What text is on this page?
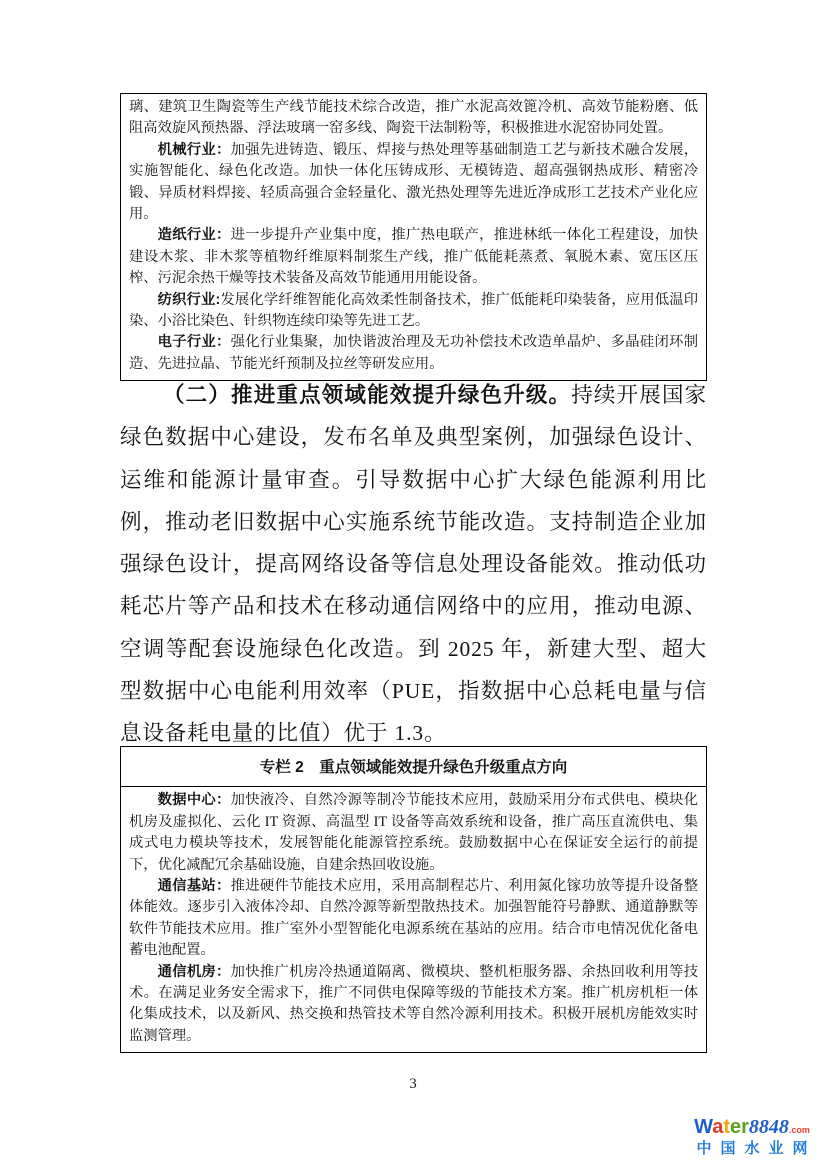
璃、建筑卫生陶瓷等生产线节能技术综合改造，推广水泥高效篦冷机、高效节能粉磨、低阻高效旋风预热器、浮法玻璃一窑多线、陶瓷干法制粉等，积极推进水泥窑协同处置。

机械行业：加强先进铸造、锻压、焊接与热处理等基础制造工艺与新技术融合发展，实施智能化、绿色化改造。加快一体化压铸成形、无模铸造、超高强钢热成形、精密冷锻、异质材料焊接、轻质高强合金轻量化、激光热处理等先进近净成形工艺技术产业化应用。

造纸行业：进一步提升产业集中度，推广热电联产，推进林纸一体化工程建设，加快建设木浆、非木浆等植物纤维原料制浆生产线，推广低能耗蒸煮、氧脱木素、宽压区压榨、污泥余热干燥等技术装备及高效节能通用用能设备。

纺织行业:发展化学纤维智能化高效柔性制备技术，推广低能耗印染装备，应用低温印染、小浴比染色、针织物连续印染等先进工艺。

电子行业：强化行业集聚，加快谐波治理及无功补偿技术改造单晶炉、多晶硅闭环制造、先进拉晶、节能光纤预制及拉丝等研发应用。

（二）推进重点领域能效提升绿色升级。持续开展国家绿色数据中心建设，发布名单及典型案例，加强绿色设计、运维和能源计量审查。引导数据中心扩大绿色能源利用比例，推动老旧数据中心实施系统节能改造。支持制造企业加强绿色设计，提高网络设备等信息处理设备能效。推动低功耗芯片等产品和技术在移动通信网络中的应用，推动电源、空调等配套设施绿色化改造。到 2025 年，新建大型、超大型数据中心电能利用效率（PUE，指数据中心总耗电量与信息设备耗电量的比值）优于 1.3。
专栏 2　重点领域能效提升绿色升级重点方向

数据中心：加快液冷、自然冷源等制冷节能技术应用，鼓励采用分布式供电、模块化机房及虚拟化、云化 IT 资源、高温型 IT 设备等高效系统和设备，推广高压直流供电、集成式电力模块等技术，发展智能化能源管控系统。鼓励数据中心在保证安全运行的前提下，优化减配冗余基础设施，自建余热回收设施。

通信基站：推进硬件节能技术应用，采用高制程芯片、利用氮化镓功放等提升设备整体能效。逐步引入液体冷却、自然冷源等新型散热技术。加强智能符号静默、通道静默等软件节能技术应用。推广室外小型智能化电源系统在基站的应用。结合市电情况优化备电蓄电池配置。

通信机房：加快推广机房冷热通道隔离、微模块、整机柜服务器、余热回收利用等技术。在满足业务安全需求下，推广不同供电保障等级的节能技术方案。推广机房机柜一体化集成技术，以及新风、热交换和热管技术等自然冷源利用技术。积极开展机房能效实时监测管理。

3
Water8848.com
中国水业网
